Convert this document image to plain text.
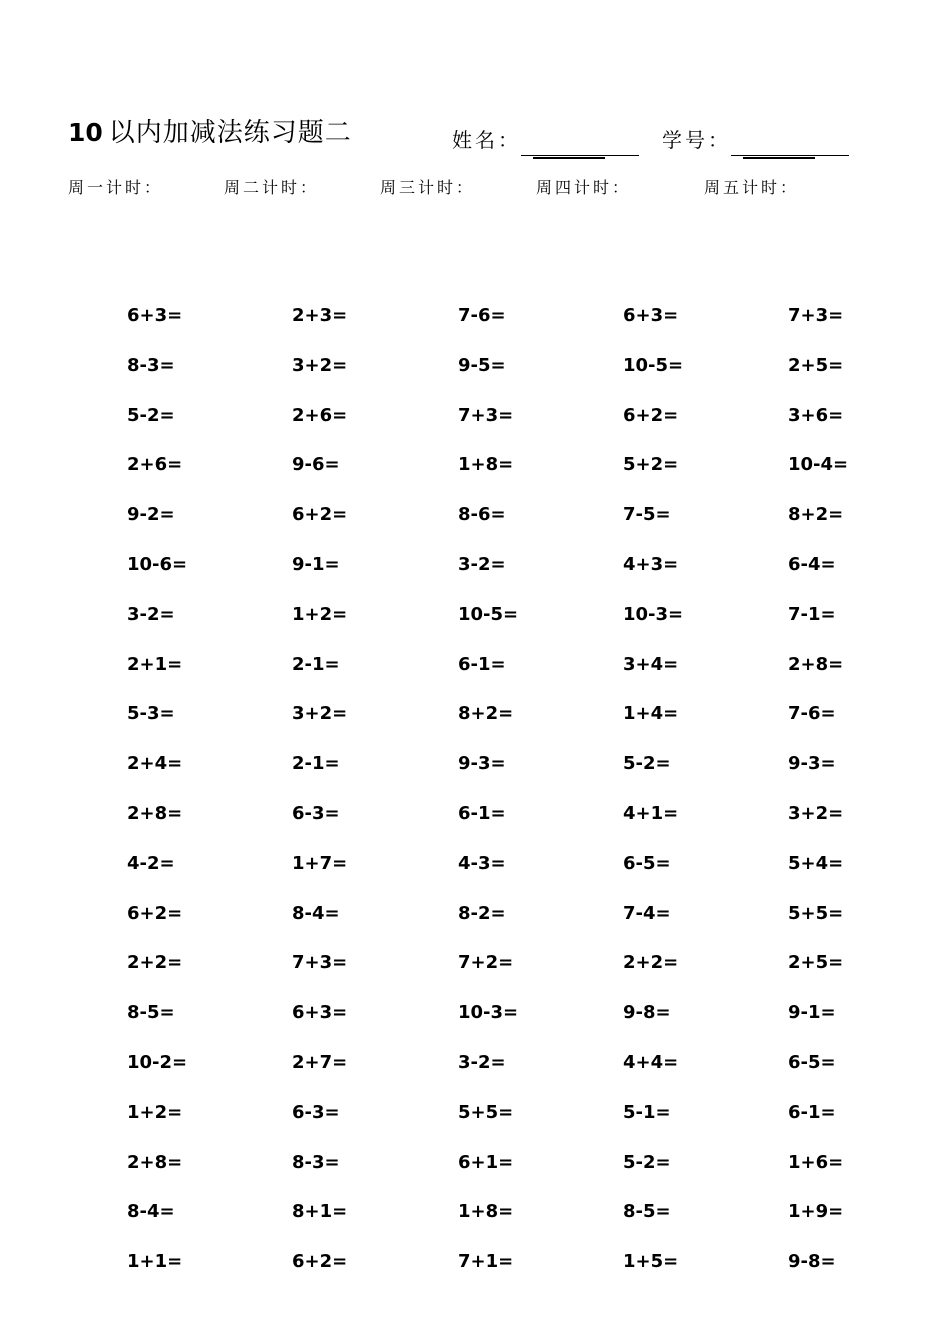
10 以内加减法练习题二	姓名：	学号：
周一计时：	周二计时：	周三计时：	周四计时：	周五计时：
6+3=	2+3=	7-6=	6+3=	7+3=
8-3=	3+2=	9-5=	10-5=	2+5=
5-2=	2+6=	7+3=	6+2=	3+6=
2+6=	9-6=	1+8=	5+2=	10-4=
9-2=	6+2=	8-6=	7-5=	8+2=
10-6=	9-1=	3-2=	4+3=	6-4=
3-2=	1+2=	10-5=	10-3=	7-1=
2+1=	2-1=	6-1=	3+4=	2+8=
5-3=	3+2=	8+2=	1+4=	7-6=
2+4=	2-1=	9-3=	5-2=	9-3=
2+8=	6-3=	6-1=	4+1=	3+2=
4-2=	1+7=	4-3=	6-5=	5+4=
6+2=	8-4=	8-2=	7-4=	5+5=
2+2=	7+3=	7+2=	2+2=	2+5=
8-5=	6+3=	10-3=	9-8=	9-1=
10-2=	2+7=	3-2=	4+4=	6-5=
1+2=	6-3=	5+5=	5-1=	6-1=
2+8=	8-3=	6+1=	5-2=	1+6=
8-4=	8+1=	1+8=	8-5=	1+9=
1+1=	6+2=	7+1=	1+5=	9-8=
